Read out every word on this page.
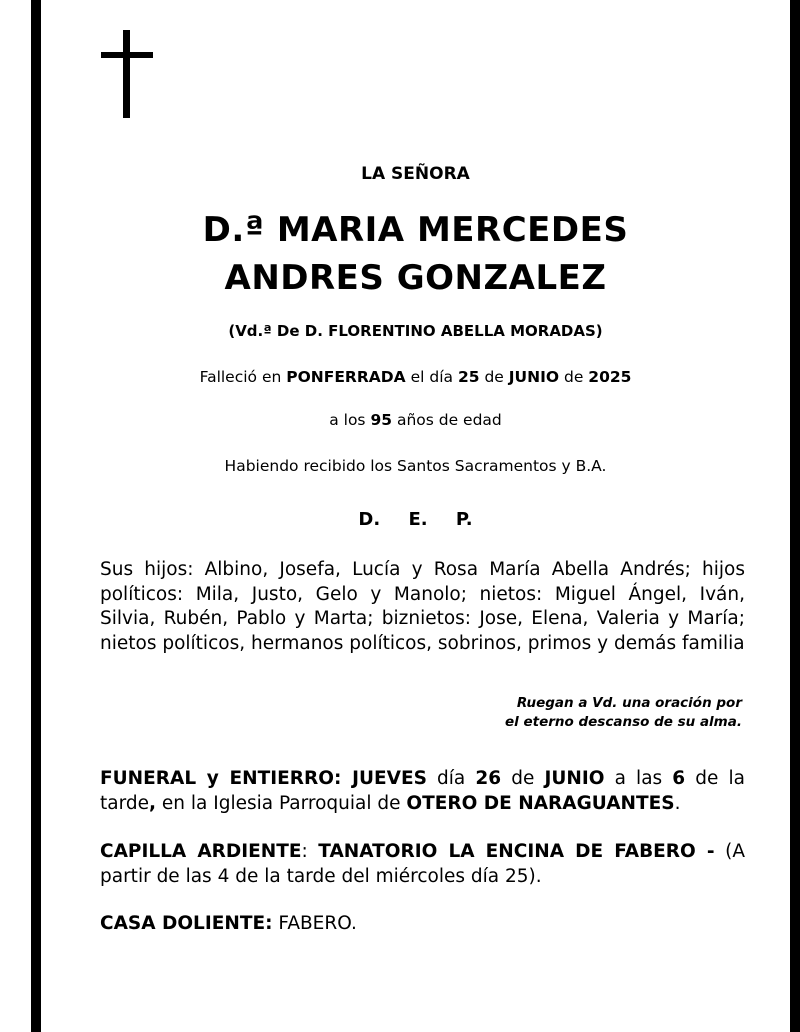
LA SEÑORA
D.ª MARIA MERCEDES
ANDRES GONZALEZ
(Vd.ª De D. FLORENTINO ABELLA MORADAS)
Falleció en PONFERRADA el día 25 de JUNIO de 2025
a los 95 años de edad
Habiendo recibido los Santos Sacramentos y B.A.
D. E. P.
Sus hijos: Albino, Josefa, Lucía y Rosa María Abella Andrés; hijos políticos: Mila, Justo, Gelo y Manolo; nietos: Miguel Ángel, Iván, Silvia, Rubén, Pablo y Marta; biznietos: Jose, Elena, Valeria y María; nietos políticos, hermanos políticos, sobrinos, primos y demás familia
Ruegan a Vd. una oración por
el eterno descanso de su alma.
FUNERAL y ENTIERRO: JUEVES día 26 de JUNIO a las 6 de la tarde, en la Iglesia Parroquial de OTERO DE NARAGUANTES.
CAPILLA ARDIENTE: TANATORIO LA ENCINA DE FABERO - (A partir de las 4 de la tarde del miércoles día 25).
CASA DOLIENTE: FABERO.
